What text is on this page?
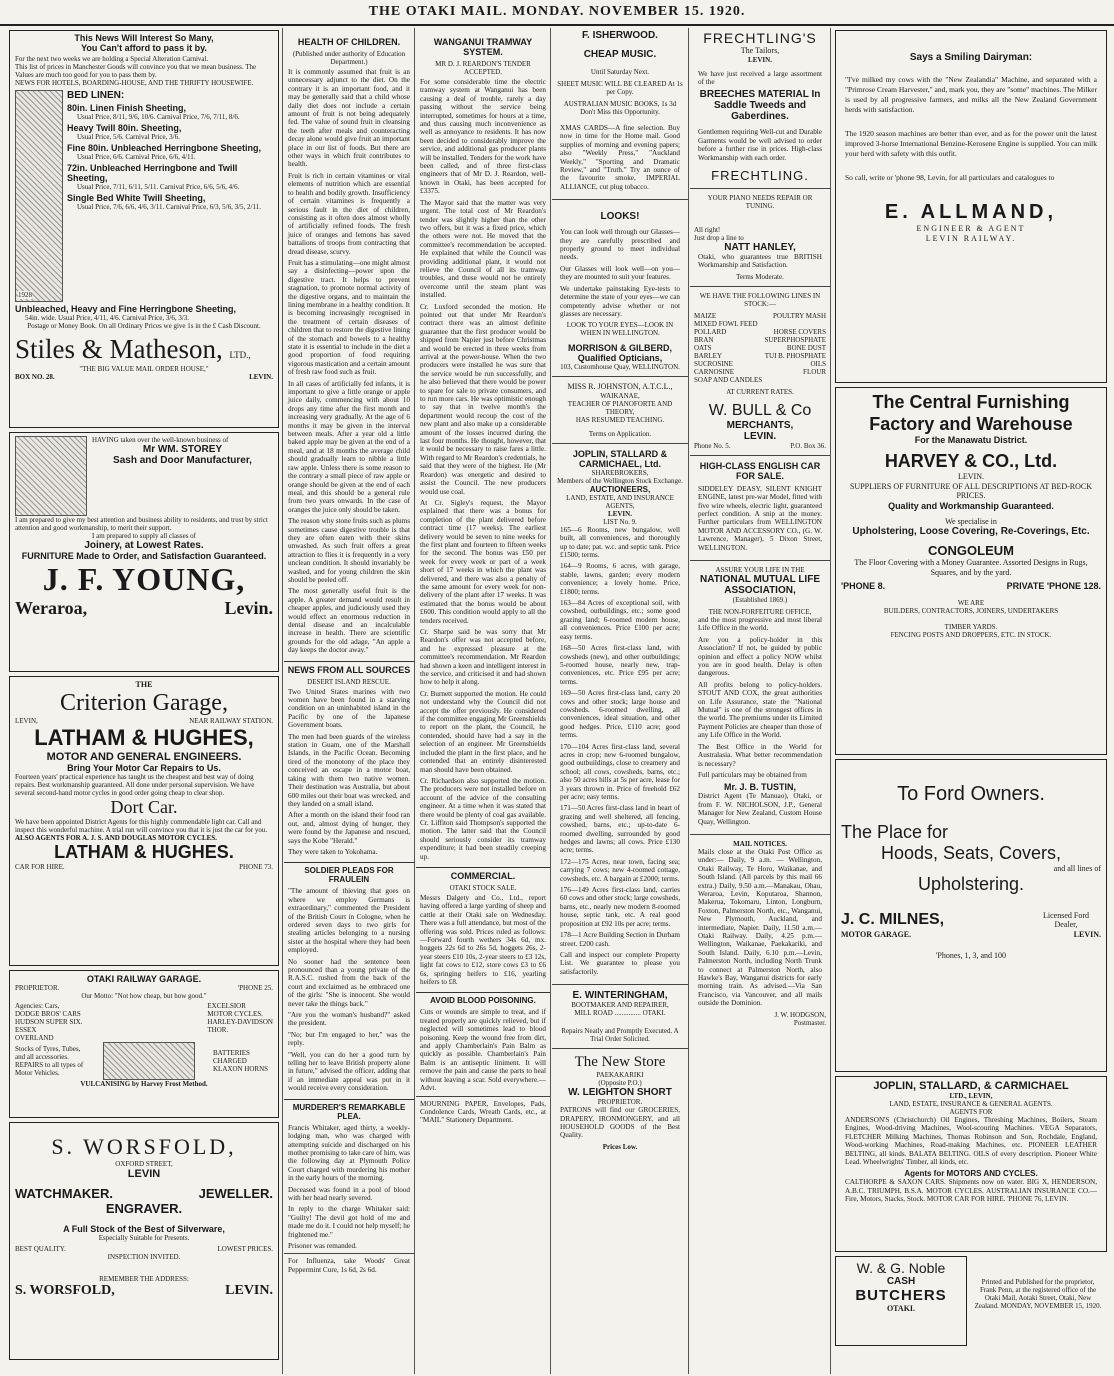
THE OTAKI MAIL. MONDAY. NOVEMBER 15. 1920.
This News Will Interest So Many,
You Can't afford to pass it by.
For the next two weeks we are holding a Special Alteration Carnival.
This list of prices in Manchester Goods will convince you that we mean business. The Values are much too good for you to pass them by.
NEWS FOR HOTELS, BOARDING-HOUSE, AND THE THRIFTY HOUSEWIFE.
1928
BED LINEN:
80in. Linen Finish Sheeting,
Usual Price, 8/11, 9/6, 10/6. Carnival Price, 7/6, 7/11, 8/6.
Heavy Twill 80in. Sheeting,
Usual Price, 5/6. Carnival Price, 3/6.
Fine 80in. Unbleached Herringbone Sheeting,
Usual Price, 6/6. Carnival Price, 6/6, 4/11.
72in. Unbleached Herringbone and Twill Sheeting,
Usual Price, 7/11, 6/11, 5/11. Carnival Price, 6/6, 5/6, 4/6.
Single Bed White Twill Sheeting,
Usual Price, 7/6, 6/6, 4/6, 3/11. Carnival Price, 6/3, 5/6, 3/5, 2/11.
Unbleached, Heavy and Fine Herringbone Sheeting,
54in. wide. Usual Price, 4/11, 4/6. Carnival Price, 3/6, 3/3.
Postage or Money Book. On all Ordinary Prices we give 1s in the £ Cash Discount.
Stiles & Matheson, LTD.,
"THE BIG VALUE MAIL ORDER HOUSE,"
BOX NO. 28.	LEVIN.
HAVING taken over the well-known business of
Mr WM. STOREY
Sash and Door Manufacturer,
I am prepared to give my best attention and business ability to residents, and trust by strict attention and good workmanship, to merit their support.
I am prepared to supply all classes of
Joinery, at Lowest Rates.
FURNITURE Made to Order, and Satisfaction Guaranteed.
J. F. YOUNG,
Weraroa,	Levin.
THE
Criterion Garage,
LEVIN,	NEAR RAILWAY STATION.
LATHAM & HUGHES,
MOTOR AND GENERAL ENGINEERS.
Bring Your Motor Car Repairs to Us.
Fourteen years' practical experience has taught us the cheapest and best way of doing repairs. Best workmanship guaranteed. All done under personal supervision. We have several second-hand motor cycles in good order going cheap to clear shop.
Dort Car.
We have been appointed District Agents for this highly commendable light car. Call and inspect this wonderful machine. A trial run will convince you that it is just the car for you.
ALSO AGENTS FOR A. J. S. AND DOUGLAS MOTOR CYCLES.
LATHAM & HUGHES.
CAR FOR HIRE.	PHONE 73.
OTAKI RAILWAY GARAGE.
PROPRIETOR.	'PHONE 25.
Our Motto: "Not how cheap, but how good."
Agencies: Cars,
DODGE BROS' CARS
HUDSON SUPER SIX.
ESSEX
OVERLAND
EXCELSIOR
MOTOR CYCLES.
HARLEY-DAVIDSON
THOR.
Stocks of Tyres, Tubes, and all accessories.
REPAIRS to all types of Motor Vehicles.
BATTERIES CHARGED
KLAXON HORNS
VULCANISING by Harvey Frost Method.
S. WORSFOLD,
OXFORD STREET,
LEVIN
WATCHMAKER.	JEWELLER.
ENGRAVER.
A Full Stock of the Best of Silverware,
Especially Suitable for Presents.
BEST QUALITY.	LOWEST PRICES.
INSPECTION INVITED.
REMEMBER THE ADDRESS:
S. WORSFOLD,	LEVIN.
HEALTH OF CHILDREN.
(Published under authority of Education Department.)

It is commonly assumed that fruit is an unnecessary adjunct to the diet. On the contrary it is an important food, and it may be generally said that a child whose daily diet does not include a certain amount of fruit is not being adequately fed. The value of sound fruit in cleansing the teeth after meals and counteracting decay alone would give fruit an important place in our list of foods. But there are other ways in which fruit contributes to health.

Fruit is rich in certain vitamines or vital elements of nutrition which are essential to health and bodily growth. Insufficiency of certain vitamines is frequently a serious fault in the diet of children, consisting as it often does almost wholly of artificially refined foods. The fresh juice of oranges and lemons has saved battalions of troops from contracting that dread disease, scurvy.

Fruit has a stimulating—one might almost say a disinfecting—power upon the digestive tract. It helps to prevent stagnation, to promote normal activity of the digestive organs, and to maintain the lining membrane in a healthy condition. It is becoming increasingly recognised in the treatment of certain diseases of children that to restore the digestive lining of the stomach and bowels to a healthy state it is essential to include in the diet a good proportion of food requiring vigorous mastication and a certain amount of fresh raw food such as fruit.

In all cases of artificially fed infants, it is important to give a little orange or apple juice daily, commencing with about 10 drops any time after the first month and increasing very gradually. At the age of 6 months it may be given in the interval between meals. After a year old a little baked apple may be given at the end of a meal, and at 18 months the average child should gradually learn to nibble a little raw apple. Unless there is some reason to the contrary a small piece of raw apple or orange should be given at the end of each meal, and this should be a general rule from two years onwards. In the case of oranges the juice only should be taken.

The reason why stone fruits such as plums sometimes cause digestive trouble is that they are often eaten with their skins unwashed. As such fruit offers a great attraction to flies it is frequently in a very unclean condition. It should invariably be washed, and for young children the skin should be peeled off.

The most generally useful fruit is the apple. A greater demand would result in cheaper apples, and judiciously used they would effect an enormous reduction in dental disease and an incalculable increase in health. There are scientific grounds for the old adage, "An apple a day keeps the doctor away."

NEWS FROM ALL SOURCES
DESERT ISLAND RESCUE.

Two United States marines with two women have been found in a starving condition on an uninhabited island in the Pacific by one of the Japanese Government boats.

The men had been guards of the wireless station in Guam, one of the Marshall Islands, in the Pacific Ocean. Becoming tired of the monotony of the place they conceived an escape in a motor boat, taking with them two native women. Their destination was Australia, but about 600 miles out their boat was wrecked, and they landed on a small island.

After a month on the island their food ran out, and, almost dying of hunger, they were found by the Japanese and rescued, says the Kobe "Herald."

They were taken to Yokohama.

SOLDIER PLEADS FOR FRAULEIN

"The amount of thieving that goes on where we employ Germans is extraordinary," commented the President of the British Court in Cologne, when he ordered seven days to two girls for stealing articles belonging to a nursing sister at the hospital where they had been employed.

No sooner had the sentence been pronounced than a young private of the R.A.S.C. rushed from the back of the court and exclaimed as he embraced one of the girls: "She is innocent. She would never take the things back."

"Are you the woman's husband?" asked the president.

"No; but I'm engaged to her," was the reply.

"Well, you can do her a good turn by telling her to leave British property alone in future," advised the officer, adding that if an immediate appeal was put in it would receive every consideration.

MURDERER'S REMARKABLE PLEA.

Francis Whitaker, aged thirty, a weekly-lodging man, who was charged with attempting suicide and discharged on his mother promising to take care of him, was the following day at Plymouth Police Court charged with murdering his mother in the early hours of the morning.

Deceased was found in a pool of blood with her head nearly severed.

In reply to the charge Whitaker said: "Guilty! The devil got hold of me and made me do it. I could not help myself; he frightened me."

Prisoner was remanded.

For Influenza, take Woods' Great Peppermint Cure, 1s 6d, 2s 6d.

WANGANUI TRAMWAY SYSTEM.
MR D. J. REARDON'S TENDER ACCEPTED.

For some considerable time the electric tramway system at Wanganui has been causing a deal of trouble, rarely a day passing without the service being interrupted, sometimes for hours at a time, and thus causing much inconvenience as well as annoyance to residents. It has now been decided to considerably improve the service, and additional gas producer plants will be installed. Tenders for the work have been called, and of three first-class engineers that of Mr D. J. Reardon, well-known in Otaki, has been accepted for £3375.

The Mayor said that the matter was very urgent. The total cost of Mr Reardon's tender was slightly higher than the other two offers, but it was a fixed price, which the others were not. He moved that the committee's recommendation be accepted. He explained that while the Council was providing additional plant, it would not relieve the Council of all its tramway troubles, and these would not be entirely overcome until the steam plant was installed.

Cr. Luxford seconded the motion. He pointed out that under Mr Reardon's contract there was an almost definite guarantee that the first producer would be shipped from Napier just before Christmas and would be erected in three weeks from arrival at the power-house. When the two producers were installed he was sure that the service would be run successfully, and he also believed that there would be power to spare for sale to private consumers, and to run more cars. He was optimistic enough to say that in twelve month's the department would recoup the cost of the new plant and also make up a considerable amount of the losses incurred during the last four months. He thought, however, that it would be necessary to raise fares a little. With regard to Mr Reardon's credentials, he said that they were of the highest. He (Mr Reardon) was energetic and desired to assist the Council. The new producers would use coal.

At Cr. Sigley's request, the Mayor explained that there was a bonus for completion of the plant delivered before contract time (17 weeks). The earliest delivery would be seven to nine weeks for the first plant and fourteen to fifteen weeks for the second. The bonus was £50 per week for every week or part of a week short of 17 weeks in which the plant was delivered, and there was also a penalty of the same amount for every week for non-delivery of the plant after 17 weeks. It was estimated that the bonus would be about £600. This condition would apply to all the tenders received.

Cr. Sharpe said he was sorry that Mr Reardon's offer was not accepted before, and he expressed pleasure at the committee's recommendation. Mr Reardon had shown a keen and intelligent interest in the service, and criticised it and had shown how to help it along.

Cr. Burnett supported the motion. He could not understand why the Council did not accept the offer previously. He considered if the committee engaging Mr Greenshields to report on the plant, the Council, he contended, should have had a say in the selection of an engineer. Mr Greenshields included the plant in the first place, and he contended that an entirely disinterested man should have been obtained.

Cr. Richardson also supported the motion. The producers were not installed before on account of the advice of the consulting engineer. At a time when it was stated that there would be plenty of coal gas available. Cr. Liffiton said Thompson's supported the motion. The latter said that the Council should seriously consider its tramway expenditure; it had been steadily creeping up.

COMMERCIAL.
OTAKI STOCK SALE.

Messrs Dalgety and Co., Ltd., report having offered a large yarding of sheep and cattle at their Otaki sale on Wednesday. There was a full attendance, but most of the offering was sold. Prices ruled as follows:—Forward fourth wethers 34s 6d, mx. hoggets 22s 6d to 26s 5d, hoggets 26s, 2-year steers £10 10s, 2-year steers to £3 12s, light fat cows to £12, store cows £3 to £6 6s, springing heifers to £16, yearling heifers to £8.

AVOID BLOOD POISONING.

Cuts or wounds are simple to treat, and if treated properly are quickly relieved, but if neglected will sometimes lead to blood poisoning. Keep the wound free from dirt, and apply Chamberlain's Pain Balm as quickly as possible. Chamberlain's Pain Balm is an antiseptic liniment. It will remove the pain and cause the parts to heal without leaving a scar. Sold everywhere.—Advt.

MOURNING PAPER, Envelopes, Pads, Condolence Cards, Wreath Cards, etc., at "MAIL" Stationery Department.

F. ISHERWOOD.
CHEAP MUSIC.
Until Saturday Next.
SHEET MUSIC WILL BE CLEARED At 1s per Copy.
AUSTRALIAN MUSIC BOOKS, 1s 3d Don't Miss this Opportunity.

XMAS CARDS—A fine selection. Buy now in time for the Home mail. Good supplies of morning and evening papers; also "Weekly Press," "Auckland Weekly," "Sporting and Dramatic Review," and "Truth." Try an ounce of the favourite smoke, IMPERIAL ALLIANCE, cut plug tobacco.

LOOKS!

You can look well through our Glasses—they are carefully prescribed and properly ground to meet individual needs.

Our Glasses will look well—on you—they are mounted to suit your features.

We undertake painstaking Eye-tests to determine the state of your eyes—we can competently advise whether or not glasses are necessary.

LOOK TO YOUR EYES—LOOK IN WHEN IN WELLINGTON.
MORRISON & GILBERD, Qualified Opticians,
103, Customhouse Quay, WELLINGTON.
MISS R. JOHNSTON, A.T.C.L.,
WAIKANAE,
TEACHER OF PIANOFORTE AND THEORY,
HAS RESUMED TEACHING.
Terms on Application.
JOPLIN, STALLARD & CARMICHAEL, Ltd.
SHAREBROKERS,
Members of the Wellington Stock Exchange.
AUCTIONEERS,
LAND, ESTATE, AND INSURANCE AGENTS,
LEVIN.
LIST No. 9.

165—6 Rooms, new bungalow, well built, all conveniences, and thoroughly up to date; pat. w.c. and septic tank. Price £1500; terms.

164—9 Rooms, 6 acres, with garage, stable, lawns, garden; every modern convenience; a lovely home. Price, £1800; terms.

163—84 Acres of exceptional soil, with cowshed, outbuildings, etc.; some good grazing land; 6-roomed modern house, all conveniences. Price £100 per acre; easy terms.

168—50 Acres first-class land, with cowsheds (new), and other outbuildings; 5-roomed house, nearly new, trap-conveniences, etc. Price £95 per acre; terms.

169—50 Acres first-class land, carry 20 cows and other stock; large house and cowsheds. 6-roomed dwelling, all conveniences, ideal situation, and other good hedges. Price, £110 acre; good terms.

170—104 Acres first-class land, several acres in crop; new 6-roomed bungalow, good outbuildings, close to creamery and school; all cows, cowsheds, barns, etc.; also 50 acres hills at 5s per acre, lease for 3 years thrown in. Price of freehold £62 per acre; easy terms.

171—50 Acres first-class land in heart of grazing and well sheltered, all fencing, cowshed, barns, etc.; up-to-date 6-roomed dwelling, surrounded by good hedges and lawns; all cows. Price £130 acre; terms.

172—175 Acres, near town, facing sea; carrying 7 cows; new 4-roomed cottage, cowsheds, etc. A bargain at £2000; terms.

176—149 Acres first-class land, carries 60 cows and other stock; large cowsheds, barns, etc., nearly new modern 8-roomed house, septic tank, etc. A real good proposition at £92 10s per acre; terms.

178—1 Acre Building Section in Durham street. £200 cash.

Call and inspect our complete Property List. We guarantee to please you satisfactorily.

E. WINTERINGHAM,
BOOTMAKER AND REPAIRER,
MILL ROAD ............... OTAKI.
Repairs Neatly and Promptly Executed. A Trial Order Solicited.
The New Store
PAEKAKARIKI
(Opposite P.O.)
W. LEIGHTON SHORT
PROPRIETOR.

PATRONS will find our GROCERIES, DRAPERY, IRONMONGERY, and all HOUSEHOLD GOODS of the Best Quality.

Prices Low.
FRECHTLING'S
The Tailors,
LEVIN.

We have just received a large assortment of the

BREECHES MATERIAL In Saddle Tweeds and Gaberdines.

Gentlemen requiring Well-cut and Durable Garments would be well advised to order before a further rise in prices. High-class Workmanship with each order.

FRECHTLING.
YOUR PIANO NEEDS REPAIR OR TUNING.
All right!
Just drop a line to
NATT HANLEY,

Otaki, who guarantees true BRITISH Workmanship and Satisfaction.

Terms Moderate.
WE HAVE THE FOLLOWING LINES IN STOCK:—
MAIZE	POULTRY MASH
MIXED FOWL FEED
POLLARD	HORSE COVERS
BRAN	SUPERPHOSPHATE
OATS	BONE DUST
BARLEY	TUI B. PHOSPHATE
SUCROSINE	OILS
CARNOSINE	FLOUR
SOAP AND CANDLES
AT CURRENT RATES.
W. BULL & Co
MERCHANTS,
LEVIN.
Phone No. 5.	P.O. Box 36.
HIGH-CLASS ENGLISH CAR FOR SALE.

SIDDELEY DEASY, SILENT KNIGHT ENGINE, latest pre-war Model, fitted with five wire wheels, electric light, guaranteed perfect condition. A snip at the money. Further particulars from WELLINGTON MOTOR AND ACCESSORY CO., (G. W. Lawrence, Manager), 5 Dixon Street, WELLINGTON.

ASSURE YOUR LIFE IN THE
NATIONAL MUTUAL LIFE ASSOCIATION,
(Established 1869.)
THE NON-FORFEITURE OFFICE,

and the most progressive and most liberal Life Office in the world.

Are you a policy-holder in this Association? If not, be guided by public opinion and effect a policy NOW whilst you are in good health. Delay is often dangerous.

All profits belong to policy-holders. STOUT AND COX, the great authorities on Life Assurance, state the "National Mutual" is one of the strongest offices in the world. The premiums under its Limited Payment Policies are cheaper than those of any Life Office in the World.

The Best Office in the World for Australasia. What better recommendation is necessary?

Full particulars may be obtained from

Mr. J. B. TUSTIN,

District Agent (Te Manuao), Otaki, or from F. W. NICHOLSON, J.P., General Manager for New Zealand, Custom House Quay, Wellington.

MAIL NOTICES.

Mails close at the Otaki Post Office as under:— Daily, 9 a.m. — Wellington, Otaki Railway, Te Horo, Waikanae, and South Island. (All parcels by this mail 66 extra.) Daily, 9.50 a.m.—Manakau, Ohau, Weraroa, Levin, Koputaroa, Shannon, Makerua, Tokomaru, Linton, Longburn, Foxton, Palmerston North, etc., Wanganui, New Plymouth, Auckland, and intermediate, Napier. Daily, 11.50 a.m.—Otaki Railway. Daily, 4.25 p.m.—Wellington, Waikanae, Paekakariki, and South Island. Daily, 6.10 p.m.—Levin, Palmerston North, including North Trunk to connect at Palmerston North, also Hawke's Bay, Wanganui districts for early morning train. As advised.—Via San Francisco, via Vancouver, and all mails outside the Dominion.

J. W. HODGSON,
Postmaster.
Says a Smiling Dairyman:

"I've milked my cows with the "New Zealandia" Machine, and separated with a "Primrose Cream Harvester," and, mark you, they are "some" machines. The Milker is used by all progressive farmers, and milks all the New Zealand Government herds with satisfaction.

The 1920 season machines are better than ever, and as for the power unit the latest improved 3-horse International Benzine-Kerosene Engine is supplied. You can milk your herd with safety with this outfit.

So call, write or 'phone 98, Levin, for all particulars and catalogues to

E. ALLMAND,
ENGINEER & AGENT
LEVIN RAILWAY.
The Central Furnishing Factory and Warehouse
For the Manawatu District.
HARVEY & CO., Ltd.
LEVIN.
SUPPLIERS OF FURNITURE OF ALL DESCRIPTIONS AT BED-ROCK PRICES.
Quality and Workmanship Guaranteed.
We specialise in
Upholstering, Loose Covering, Re-Coverings, Etc.
CONGOLEUM
The Floor Covering with a Money Guarantee. Assorted Designs in Rugs, Squares, and by the yard.
'PHONE 8.	PRIVATE 'PHONE 128.
WE ARE
BUILDERS, CONTRACTORS, JOINERS, UNDERTAKERS
TIMBER YARDS.
FENCING POSTS AND DROPPERS, ETC. IN STOCK.
To Ford Owners.
The Place for
Hoods, Seats, Covers,
and all lines of
Upholstering.
J. C. MILNES,	Licensed Ford Dealer,
MOTOR GARAGE.	LEVIN.
'Phones, 1, 3, and 100
JOPLIN, STALLARD, & CARMICHAEL
LTD., LEVIN,
LAND, ESTATE, INSURANCE & GENERAL AGENTS.
AGENTS FOR

ANDERSON'S (Christchurch) Oil Engines, Threshing Machines, Boilers, Steam Engines, Wood-driving Machines, Wool-scouring Machines. VEGA Separators, FLETCHER Milking Machines, Thomas Robinson and Son, Rochdale, England, Wood-working Machines, Road-making Machines, etc. PIONEER LEATHER BELTING, all kinds. BALATA BELTING. OILS of every description. Pioneer White Lead. Wheelwrights' Timber, all kinds, etc.

Agents for MOTORS AND CYCLES.

CALTHORPE & SAXON CARS. Shipments now on water. BIG X, HENDERSON, A.B.C. TRIUMPH, B.S.A. MOTOR CYCLES. AUSTRALIAN INSURANCE CO.—Fire, Motors, Stacks, Stock. MOTOR CAR FOR HIRE. 'PHONE 76, LEVIN.

W. & G. Noble
CASH
BUTCHERS
OTAKI.
Printed and Published for the proprietor, Frank Penn, at the registered office of the Otaki Mail, Aotaki Street, Otaki, New Zealand. MONDAY, NOVEMBER 15, 1920.
